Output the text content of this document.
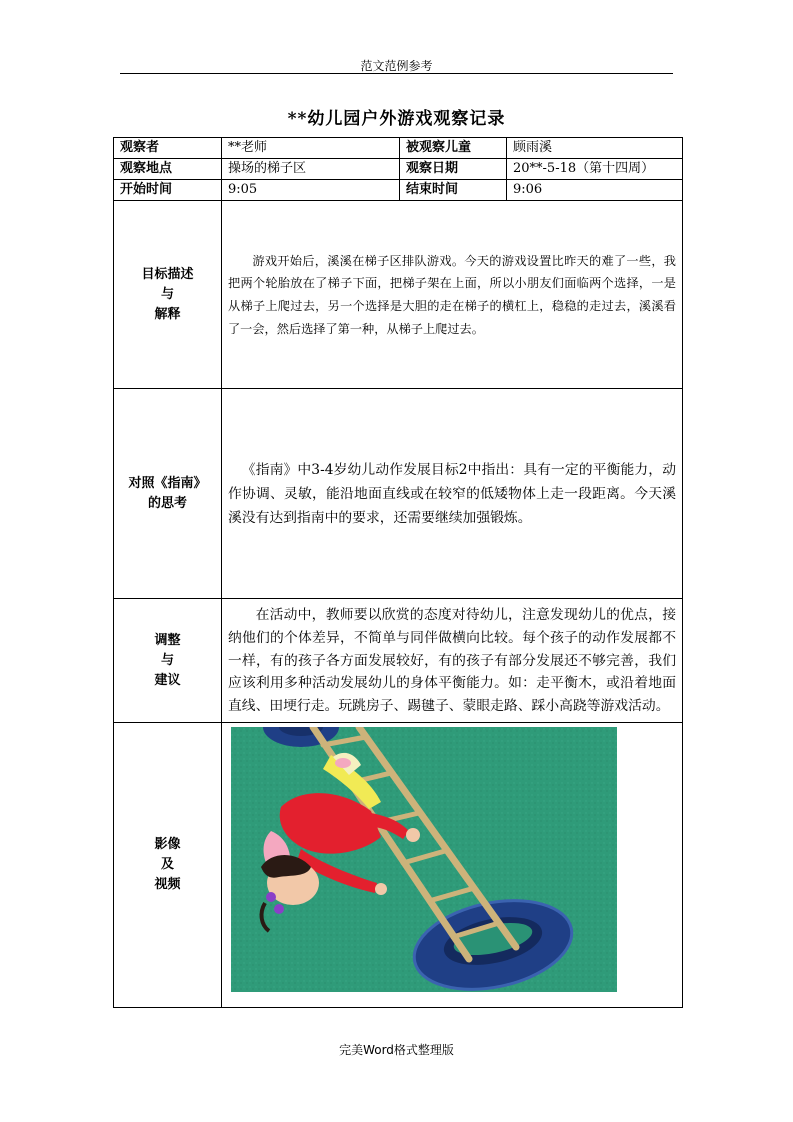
范文范例参考
**幼儿园户外游戏观察记录
观察者	**老师	被观察儿童	顾雨溪
观察地点	操场的梯子区	观察日期	20**-5-18（第十四周）
开始时间	9:05	结束时间	9:06

目标描述
与
解释	游戏开始后，溪溪在梯子区排队游戏。今天的游戏设置比昨天的难了一些，我把两个轮胎放在了梯子下面，把梯子架在上面，所以小朋友们面临两个选择，一是从梯子上爬过去，另一个选择是大胆的走在梯子的横杠上，稳稳的走过去，溪溪看了一会，然后选择了第一种，从梯子上爬过去。		

对照《指南》
的思考	《指南》中3-4岁幼儿动作发展目标2中指出：具有一定的平衡能力，动作协调、灵敏，能沿地面直线或在较窄的低矮物体上走一段距离。今天溪溪没有达到指南中的要求，还需要继续加强锻炼。		

调整
与
建议	在活动中，教师要以欣赏的态度对待幼儿，注意发现幼儿的优点，接纳他们的个体差异，不简单与同伴做横向比较。每个孩子的动作发展都不一样，有的孩子各方面发展较好，有的孩子有部分发展还不够完善，我们应该利用多种活动发展幼儿的身体平衡能力。如：走平衡木，或沿着地面直线、田埂行走。玩跳房子、踢毽子、蒙眼走路、踩小高跷等游戏活动。		

影像
及
视频

完美Word格式整理版
